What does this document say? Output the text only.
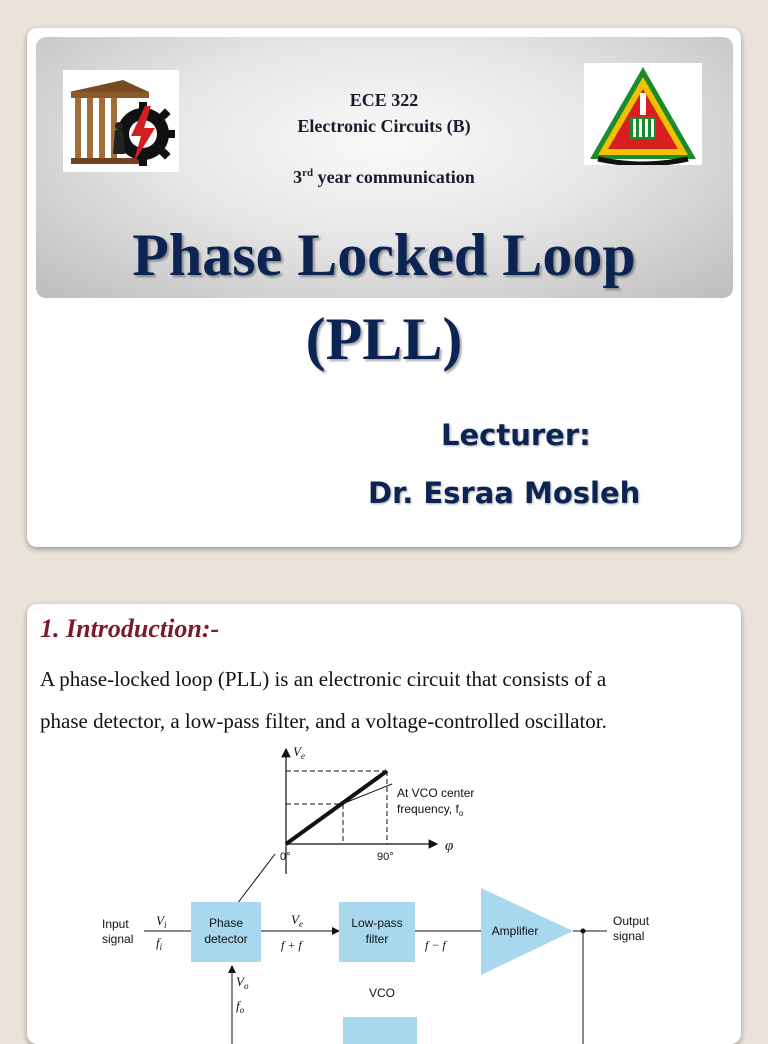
ECE 322
Electronic Circuits (B)
3rd year communication
Phase Locked Loop
(PLL)
Lecturer:
Dr. Esraa Mosleh
1. Introduction:-
A phase-locked loop (PLL) is an electronic circuit that consists of a
phase detector, a low-pass filter, and a voltage-controlled oscillator.
$V_e$
φ
0°	90°
At VCO center
frequency, $f_o$
Input
signal
$V_i$
$f_i$
Phase
detector
$V_e$
f + f
Low-pass
filter	f − f
Amplifier
Output
signal
$V_o$
$f_o$
VCO
